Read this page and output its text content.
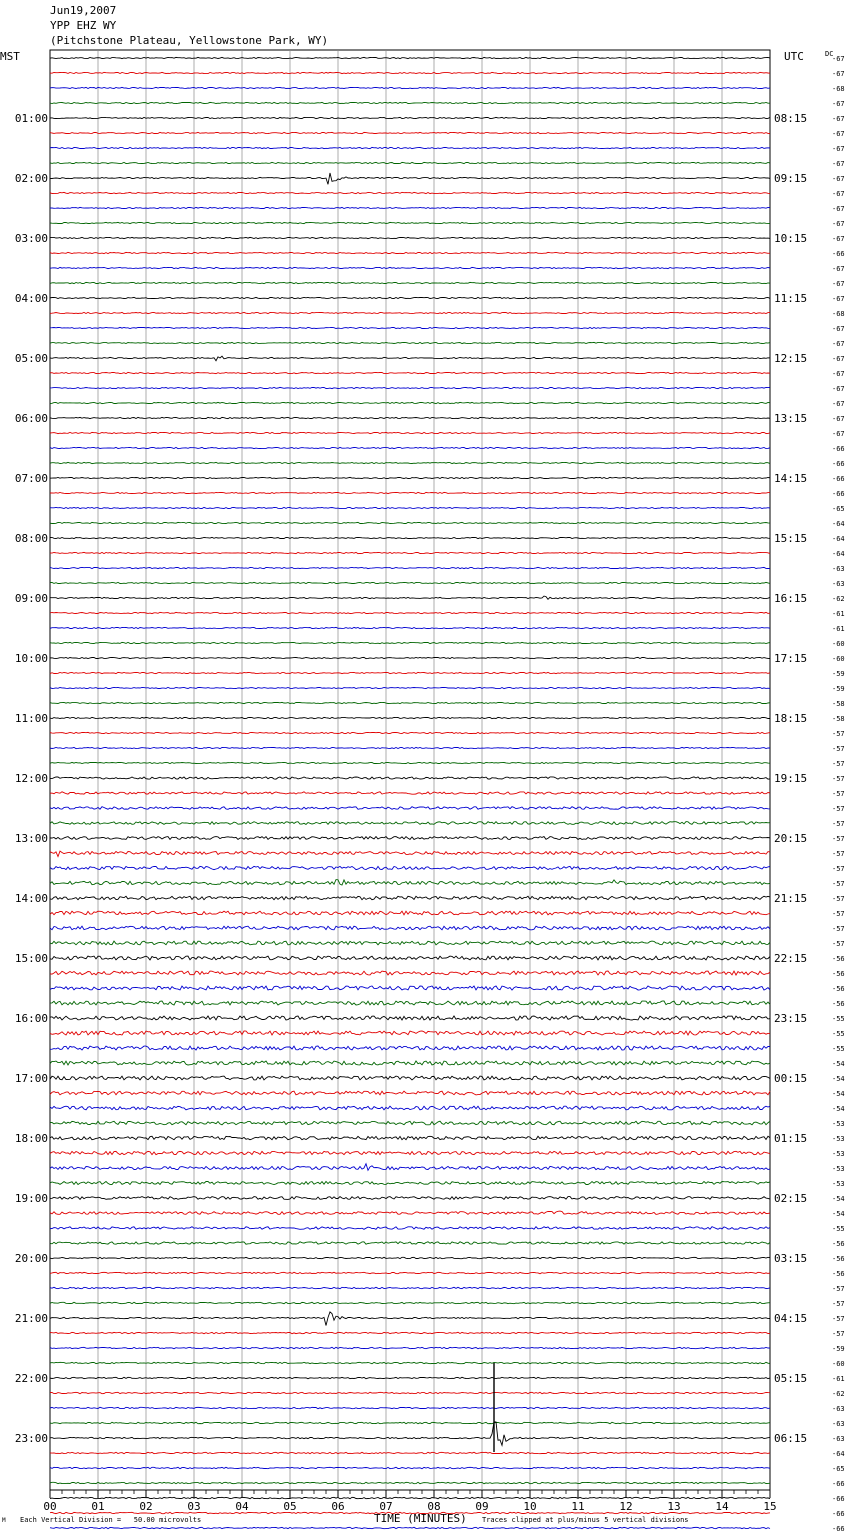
Jun19,2007
YPP EHZ WY
(Pitchstone Plateau, Yellowstone Park, WY)
MST	UTC	DC
-67
-67
-68
-67
-67
-67
-67
-67
-67
-67
-67
-67
-67
-66
-67
-67
-67
-68
-67
-67
-67
-67
-67
-67
-67
-67
-66
-66
-66
-66
-65
-64
-64
-64
-63
-63
-62
-61
-61
-60
-60
-59
-59
-58
-58
-57
-57
-57
-57
-57
-57
-57
-57
-57
-57
-57
-57
-57
-57
-57
-56
-56
-56
-56
-55
-55
-55
-54
-54
-54
-54
-53
-53
-53
-53
-53
-54
-54
-55
-56
-56
-56
-57
-57
-57
-57
-59
-60
-61
-62
-63
-63
-63
-64
-65
-66
-66
-66
-66
01:00	08:15
02:00	09:15
03:00	10:15
04:00	11:15
05:00	12:15
06:00	13:15
07:00	14:15
08:00	15:15
09:00	16:15
10:00	17:15
11:00	18:15
12:00	19:15
13:00	20:15
14:00	21:15
15:00	22:15
16:00	23:15
17:00	00:15
18:00	01:15
19:00	02:15
20:00	03:15
21:00	04:15
22:00	05:15
23:00	06:15
00	01	02	03	04	05	06	07	08	09	10	11	12	13	14	15
M Each Vertical Division =   50.00 microvolts	TIME (MINUTES) Traces clipped at plus/minus 5 vertical divisions
